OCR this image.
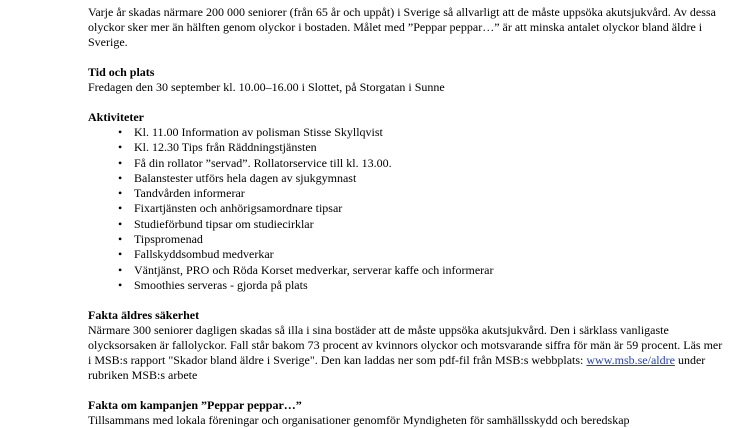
Varje år skadas närmare 200 000 seniorer (från 65 år och uppåt) i Sverige så allvarligt att de måste uppsöka akutsjukvård. Av dessa olyckor sker mer än hälften genom olyckor i bostaden. Målet med ”Peppar peppar…” är att minska antalet olyckor bland äldre i Sverige.

Tid och plats

Fredagen den 30 september kl. 10.00–16.00 i Slottet, på Storgatan i Sunne

Aktiviteter

• Kl. 11.00 Information av polisman Stisse Skyllqvist
• Kl. 12.30 Tips från Räddningstjänsten
• Få din rollator ”servad”. Rollatorservice till kl. 13.00.
• Balanstester utförs hela dagen av sjukgymnast
• Tandvården informerar
• Fixartjänsten och anhörigsamordnare tipsar
• Studieförbund tipsar om studiecirklar
• Tipspromenad
• Fallskyddsombud medverkar
• Väntjänst, PRO och Röda Korset medverkar, serverar kaffe och informerar
• Smoothies serveras - gjorda på plats

Fakta äldres säkerhet

Närmare 300 seniorer dagligen skadas så illa i sina bostäder att de måste uppsöka akutsjukvård. Den i särklass vanligaste olycksorsaken är fallolyckor. Fall står bakom 73 procent av kvinnors olyckor och motsvarande siffra för män är 59 procent. Läs mer i MSB:s rapport "Skador bland äldre i Sverige". Den kan laddas ner som pdf-fil från MSB:s webbplats: www.msb.se/aldre under rubriken MSB:s arbete

Fakta om kampanjen ”Peppar peppar…”

Tillsammans med lokala föreningar och organisationer genomför Myndigheten för samhällsskydd och beredskap
